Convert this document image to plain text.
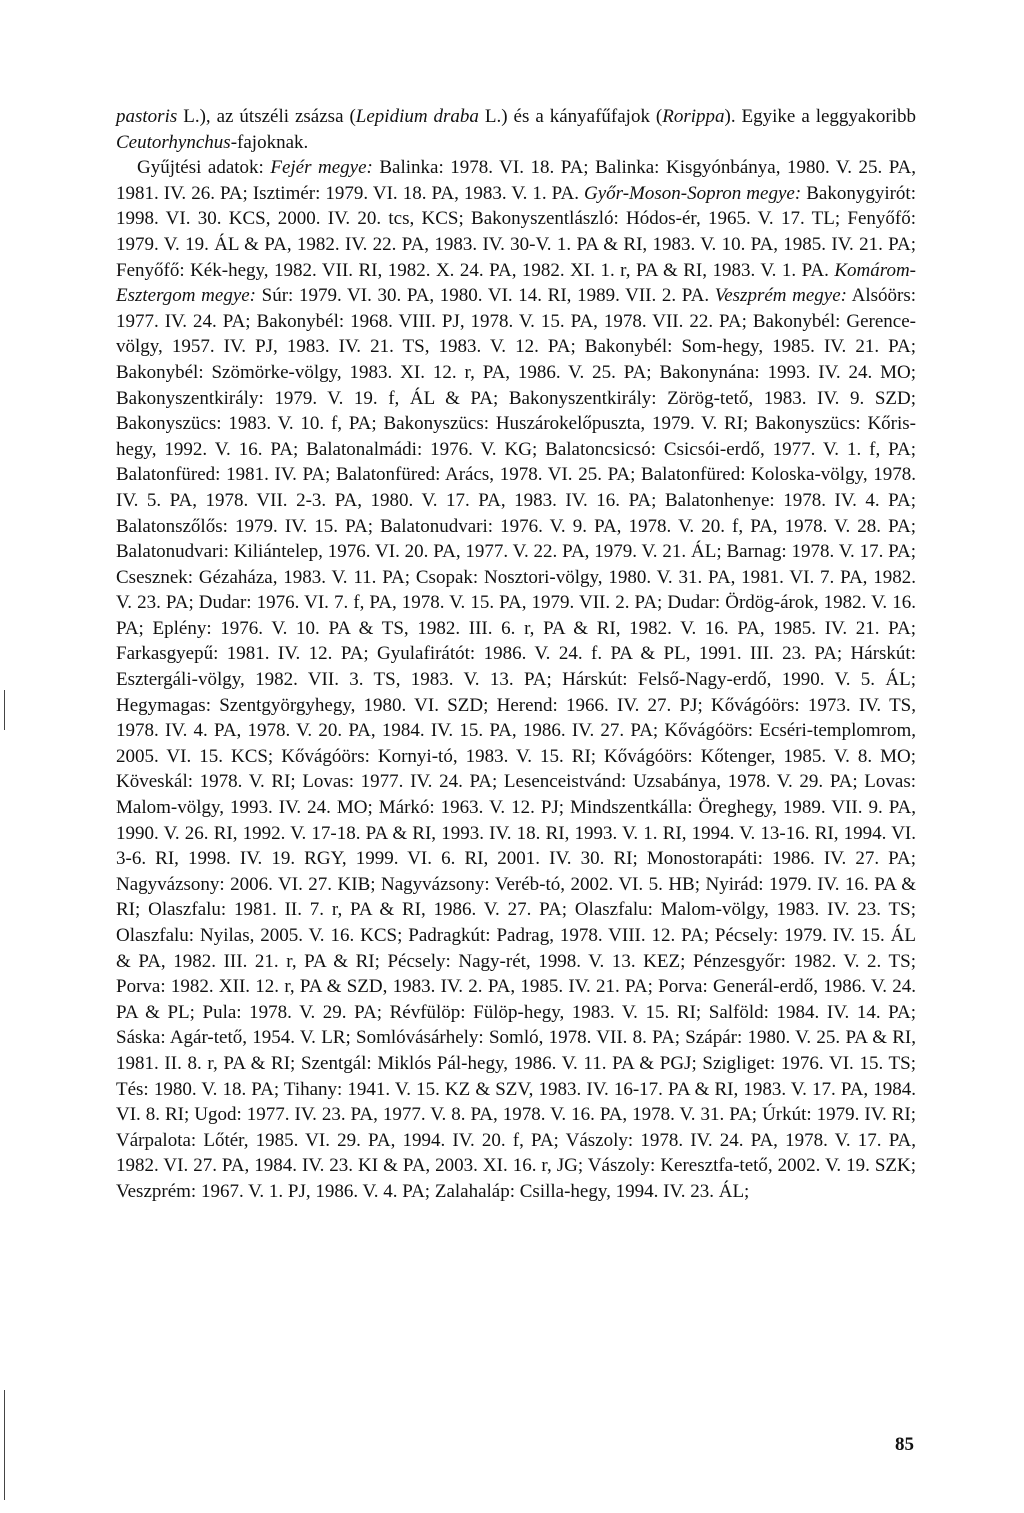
pastoris L.), az útszéli zsázsa (Lepidium draba L.) és a kányafűfajok (Rorippa). Egyike a leggyakoribb Ceutorhynchus-fajoknak.

Gyűjtési adatok: Fejér megye: Balinka: 1978. VI. 18. PA; Balinka: Kisgyónbánya, 1980. V. 25. PA, 1981. IV. 26. PA; Isztimér: 1979. VI. 18. PA, 1983. V. 1. PA. Győr-Moson-Sopron megye: Bakonygyirót: 1998. VI. 30. KCS, 2000. IV. 20. tcs, KCS; Bakonyszentlászló: Hódos-ér, 1965. V. 17. TL; Fenyőfő: 1979. V. 19. ÁL & PA, 1982. IV. 22. PA, 1983. IV. 30-V. 1. PA & RI, 1983. V. 10. PA, 1985. IV. 21. PA; Fenyőfő: Kék-hegy, 1982. VII. RI, 1982. X. 24. PA, 1982. XI. 1. r, PA & RI, 1983. V. 1. PA. Komárom-Esztergom megye: Súr: 1979. VI. 30. PA, 1980. VI. 14. RI, 1989. VII. 2. PA. Veszprém megye: Alsóörs: 1977. IV. 24. PA; Bakonybél: 1968. VIII. PJ, 1978. V. 15. PA, 1978. VII. 22. PA; Bakonybél: Gerence-völgy, 1957. IV. PJ, 1983. IV. 21. TS, 1983. V. 12. PA; Bakonybél: Som-hegy, 1985. IV. 21. PA; Bakonybél: Szömörke-völgy, 1983. XI. 12. r, PA, 1986. V. 25. PA; Bakonynána: 1993. IV. 24. MO; Bakonyszentkirály: 1979. V. 19. f, ÁL & PA; Bakonyszentkirály: Zörög-tető, 1983. IV. 9. SZD; Bakonyszücs: 1983. V. 10. f, PA; Bakonyszücs: Huszárokelőpuszta, 1979. V. RI; Bakonyszücs: Kőris-hegy, 1992. V. 16. PA; Balatonalmádi: 1976. V. KG; Balatoncsicsó: Csicsói-erdő, 1977. V. 1. f, PA; Balatonfüred: 1981. IV. PA; Balatonfüred: Arács, 1978. VI. 25. PA; Balatonfüred: Koloska-völgy, 1978. IV. 5. PA, 1978. VII. 2-3. PA, 1980. V. 17. PA, 1983. IV. 16. PA; Balatonhenye: 1978. IV. 4. PA; Balatonszőlős: 1979. IV. 15. PA; Balatonudvari: 1976. V. 9. PA, 1978. V. 20. f, PA, 1978. V. 28. PA; Balatonudvari: Kiliántelep, 1976. VI. 20. PA, 1977. V. 22. PA, 1979. V. 21. ÁL; Barnag: 1978. V. 17. PA; Csesznek: Gézaháza, 1983. V. 11. PA; Csopak: Nosztori-völgy, 1980. V. 31. PA, 1981. VI. 7. PA, 1982. V. 23. PA; Dudar: 1976. VI. 7. f, PA, 1978. V. 15. PA, 1979. VII. 2. PA; Dudar: Ördög-árok, 1982. V. 16. PA; Eplény: 1976. V. 10. PA & TS, 1982. III. 6. r, PA & RI, 1982. V. 16. PA, 1985. IV. 21. PA; Farkasgyepű: 1981. IV. 12. PA; Gyulafirátót: 1986. V. 24. f. PA & PL, 1991. III. 23. PA; Hárskút: Esztergáli-völgy, 1982. VII. 3. TS, 1983. V. 13. PA; Hárskút: Felső-Nagy-erdő, 1990. V. 5. ÁL; Hegymagas: Szentgyörgyhegy, 1980. VI. SZD; Herend: 1966. IV. 27. PJ; Kővágóörs: 1973. IV. TS, 1978. IV. 4. PA, 1978. V. 20. PA, 1984. IV. 15. PA, 1986. IV. 27. PA; Kővágóörs: Ecséri-templomrom, 2005. VI. 15. KCS; Kővágóörs: Kornyi-tó, 1983. V. 15. RI; Kővágóörs: Kőtenger, 1985. V. 8. MO; Köveskál: 1978. V. RI; Lovas: 1977. IV. 24. PA; Lesenceistvánd: Uzsabánya, 1978. V. 29. PA; Lovas: Malom-völgy, 1993. IV. 24. MO; Márkó: 1963. V. 12. PJ; Mindszentkálla: Öreghegy, 1989. VII. 9. PA, 1990. V. 26. RI, 1992. V. 17-18. PA & RI, 1993. IV. 18. RI, 1993. V. 1. RI, 1994. V. 13-16. RI, 1994. VI. 3-6. RI, 1998. IV. 19. RGY, 1999. VI. 6. RI, 2001. IV. 30. RI; Monostorapáti: 1986. IV. 27. PA; Nagyvázsony: 2006. VI. 27. KIB; Nagyvázsony: Veréb-tó, 2002. VI. 5. HB; Nyirád: 1979. IV. 16. PA & RI; Olaszfalu: 1981. II. 7. r, PA & RI, 1986. V. 27. PA; Olaszfalu: Malom-völgy, 1983. IV. 23. TS; Olaszfalu: Nyilas, 2005. V. 16. KCS; Padragkút: Padrag, 1978. VIII. 12. PA; Pécsely: 1979. IV. 15. ÁL & PA, 1982. III. 21. r, PA & RI; Pécsely: Nagy-rét, 1998. V. 13. KEZ; Pénzesgyőr: 1982. V. 2. TS; Porva: 1982. XII. 12. r, PA & SZD, 1983. IV. 2. PA, 1985. IV. 21. PA; Porva: Generál-erdő, 1986. V. 24. PA & PL; Pula: 1978. V. 29. PA; Révfülöp: Fülöp-hegy, 1983. V. 15. RI; Salföld: 1984. IV. 14. PA; Sáska: Agár-tető, 1954. V. LR; Somlóvásárhely: Somló, 1978. VII. 8. PA; Szápár: 1980. V. 25. PA & RI, 1981. II. 8. r, PA & RI; Szentgál: Miklós Pál-hegy, 1986. V. 11. PA & PGJ; Szigliget: 1976. VI. 15. TS; Tés: 1980. V. 18. PA; Tihany: 1941. V. 15. KZ & SZV, 1983. IV. 16-17. PA & RI, 1983. V. 17. PA, 1984. VI. 8. RI; Ugod: 1977. IV. 23. PA, 1977. V. 8. PA, 1978. V. 16. PA, 1978. V. 31. PA; Úrkút: 1979. IV. RI; Várpalota: Lőtér, 1985. VI. 29. PA, 1994. IV. 20. f, PA; Vászoly: 1978. IV. 24. PA, 1978. V. 17. PA, 1982. VI. 27. PA, 1984. IV. 23. KI & PA, 2003. XI. 16. r, JG; Vászoly: Keresztfa-tető, 2002. V. 19. SZK; Veszprém: 1967. V. 1. PJ, 1986. V. 4. PA; Zalahaláp: Csilla-hegy, 1994. IV. 23. ÁL;

85
